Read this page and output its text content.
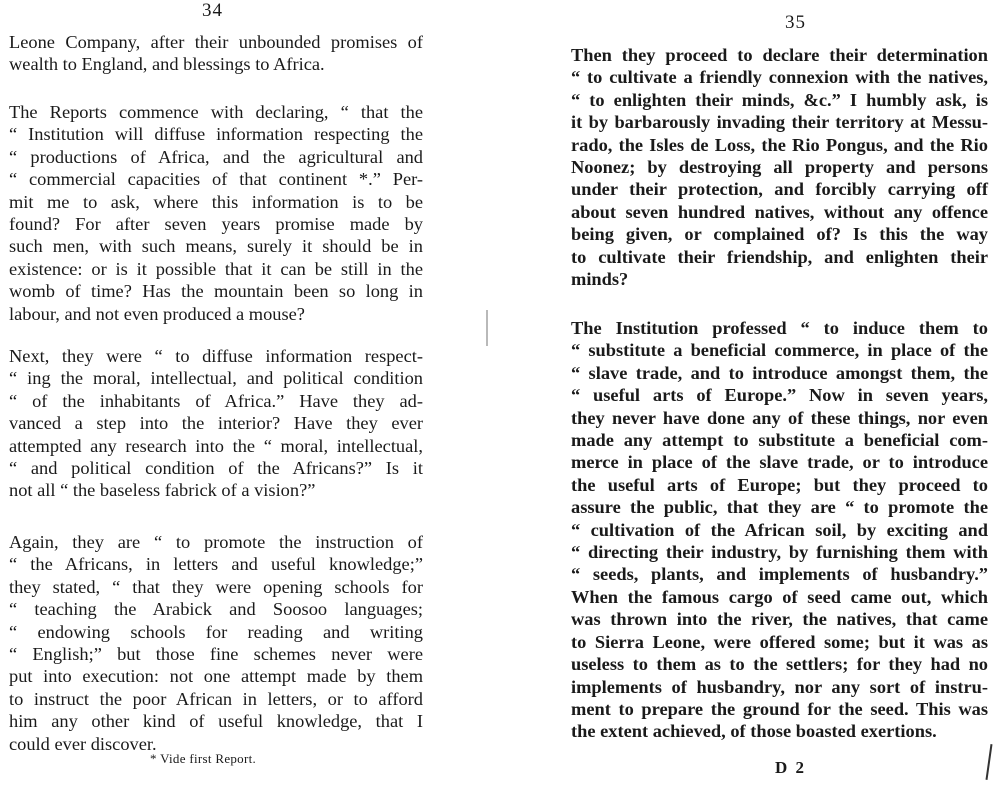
34
Leone Company, after their unbounded promises of
wealth to England, and blessings to Africa.
The Reports commence with declaring, “ that the
“ Institution will diffuse information respecting the
“ productions of Africa, and the agricultural and
“ commercial capacities of that continent *.” Per-
mit me to ask, where this information is to be
found? For after seven years promise made by
such men, with such means, surely it should be in
existence: or is it possible that it can be still in the
womb of time? Has the mountain been so long in
labour, and not even produced a mouse?
Next, they were “ to diffuse information respect-
“ ing the moral, intellectual, and political condition
“ of the inhabitants of Africa.” Have they ad-
vanced a step into the interior? Have they ever
attempted any research into the “ moral, intellectual,
“ and political condition of the Africans?” Is it
not all “ the baseless fabrick of a vision?”
Again, they are “ to promote the instruction of
“ the Africans, in letters and useful knowledge;”
they stated, “ that they were opening schools for
“ teaching the Arabick and Soosoo languages;
“ endowing schools for reading and writing
“ English;” but those fine schemes never were
put into execution: not one attempt made by them
to instruct the poor African in letters, or to afford
him any other kind of useful knowledge, that I
could ever discover.
* Vide first Report.
35
Then they proceed to declare their determination
“ to cultivate a friendly connexion with the natives,
“ to enlighten their minds, &c.” I humbly ask, is
it by barbarously invading their territory at Messu-
rado, the Isles de Loss, the Rio Pongus, and the Rio
Noonez; by destroying all property and persons
under their protection, and forcibly carrying off
about seven hundred natives, without any offence
being given, or complained of? Is this the way
to cultivate their friendship, and enlighten their
minds?
The Institution professed “ to induce them to
“ substitute a beneficial commerce, in place of the
“ slave trade, and to introduce amongst them, the
“ useful arts of Europe.” Now in seven years,
they never have done any of these things, nor even
made any attempt to substitute a beneficial com-
merce in place of the slave trade, or to introduce
the useful arts of Europe; but they proceed to
assure the public, that they are “ to promote the
“ cultivation of the African soil, by exciting and
“ directing their industry, by furnishing them with
“ seeds, plants, and implements of husbandry.”
When the famous cargo of seed came out, which
was thrown into the river, the natives, that came
to Sierra Leone, were offered some; but it was as
useless to them as to the settlers; for they had no
implements of husbandry, nor any sort of instru-
ment to prepare the ground for the seed. This was
the extent achieved, of those boasted exertions.
D 2
